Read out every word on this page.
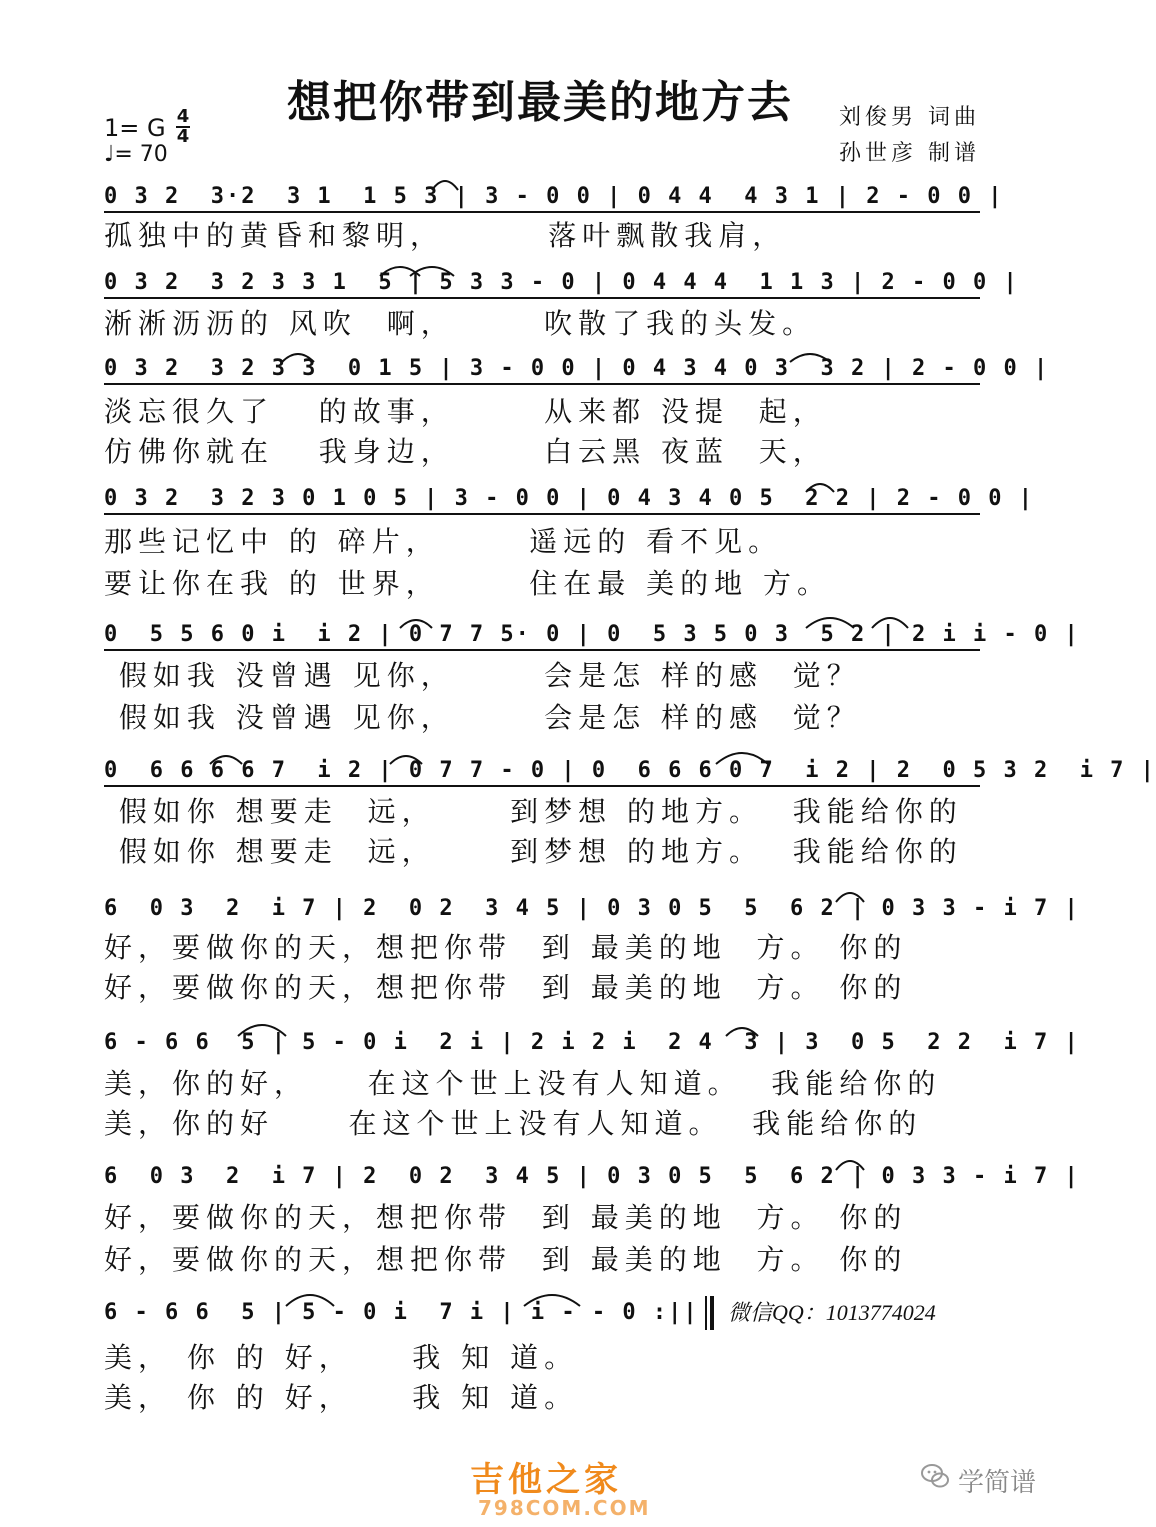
想把你带到最美的地方去	刘俊男 词曲
孙世彦 制谱
1= G 4
4
♩= 70
0 3 2  3·2  3 1  1 5 3 | 3 - 0 0 | 0 4 4  4 3 1 | 2 - 0 0 |
孤独中的黄昏和黎明，       落叶飘散我肩，
0 3 2  3 2 3 3 1  5 | 5 3 3 - 0 | 0 4 4 4  1 1 3 | 2 - 0 0 |
淅淅沥沥的 风吹  啊，      吹散了我的头发。
0 3 2  3 2 3 3  0 1 5 | 3 - 0 0 | 0 4 3 4 0 3  3 2 | 2 - 0 0 |
淡忘很久了   的故事，      从来都 没提  起，
仿佛你就在   我身边，      白云黑 夜蓝  天，
0 3 2  3 2 3 0 1 0 5 | 3 - 0 0 | 0 4 3 4 0 5  2 2 | 2 - 0 0 |
那些记忆中 的 碎片，      遥远的 看不见。
要让你在我 的 世界，      住在最 美的地 方。
0  5 5 6 0 i  i 2 | 0 7 7 5· 0 | 0  5 3 5 0 3  5 2 | 2 i i - 0 |
假如我 没曾遇 见你，      会是怎 样的感  觉？
假如我 没曾遇 见你，      会是怎 样的感  觉？
0  6 6 6 6 7  i 2 | 0 7 7 - 0 | 0  6 6 6 0 7  i 2 | 2  0 5 3 2  i 7 |
假如你 想要走  远，     到梦想 的地方。  我能给你的
假如你 想要走  远，     到梦想 的地方。  我能给你的
6  0 3  2  i 7 | 2  0 2  3 4 5 | 0 3 0 5  5  6 2 | 0 3 3 - i 7 |
好，要做你的天，想把你带  到 最美的地  方。 你的
好，要做你的天，想把你带  到 最美的地  方。 你的
6 - 6 6  5 | 5 - 0 i  2 i | 2 i 2 i  2 4  3 | 3  0 5  2 2  i 7 |
美，你的好，    在这个世上没有人知道。  我能给你的
美，你的好     在这个世上没有人知道。  我能给你的
6  0 3  2  i 7 | 2  0 2  3 4 5 | 0 3 0 5  5  6 2 | 0 3 3 - i 7 |
好，要做你的天，想把你带  到 最美的地  方。 你的
好，要做你的天，想把你带  到 最美的地  方。 你的
6 - 6 6  5 | 5 - 0 i  7 i | i - - 0 :||
美， 你 的 好，    我 知 道。
美， 你 的 好，    我 知 道。
微信QQ：1013774024
吉他之家
798COM.COM
学简谱
